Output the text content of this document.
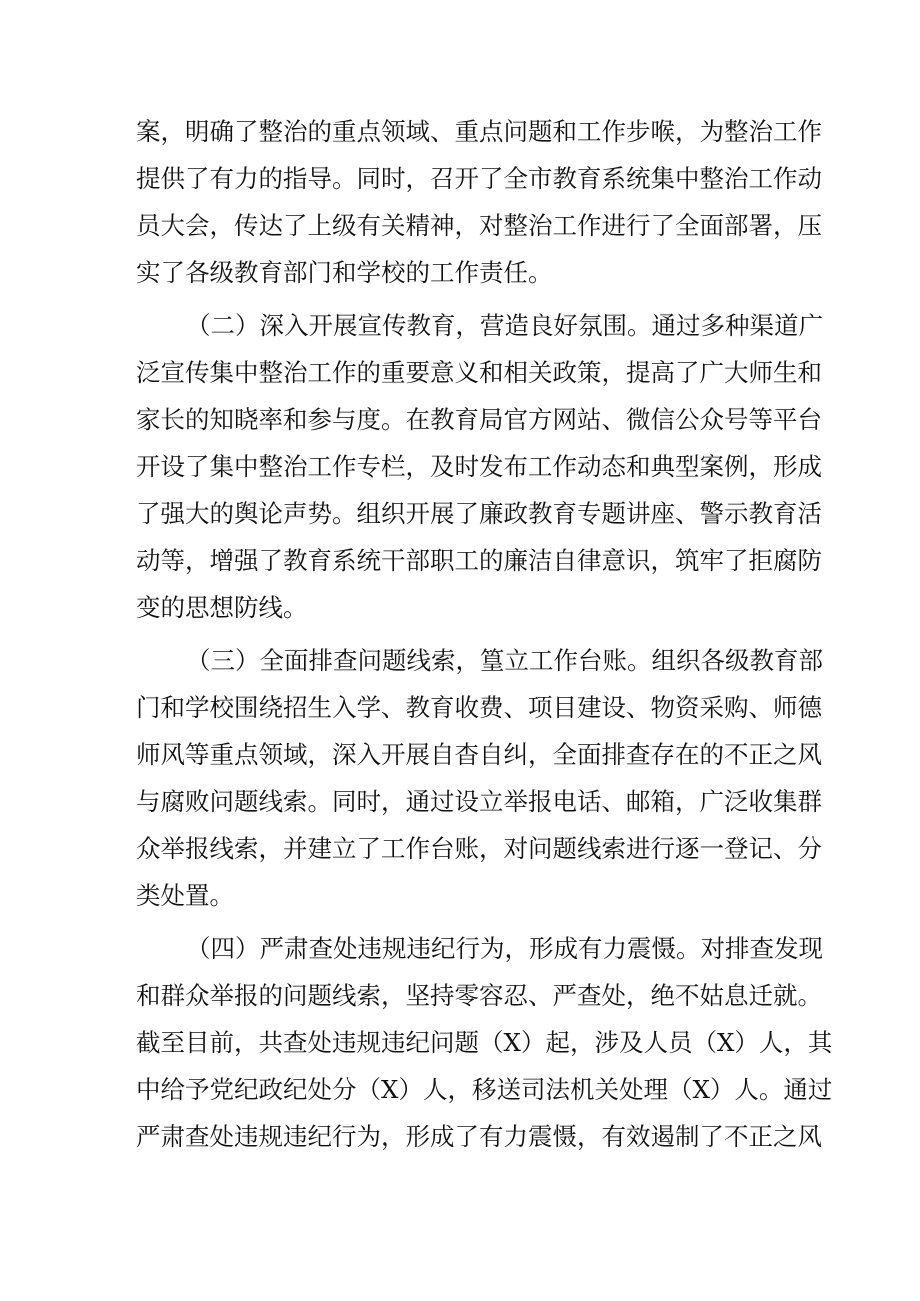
案，明确了整治的重点领域、重点问题和工作步喉，为整治工作
提供了有力的指导。同时，召开了全市教育系统集中整治工作动
员大会，传达了上级有关精神，对整治工作进行了全面部署，压
实了各级教育部门和学校的工作责任。
（二）深入开展宣传教育，营造良好氛围。通过多种渠道广
泛宣传集中整治工作的重要意义和相关政策，提高了广大师生和
家长的知晓率和参与度。在教育局官方网站、微信公众号等平台
开设了集中整治工作专栏，及时发布工作动态和典型案例，形成
了强大的舆论声势。组织开展了廉政教育专题讲座、警示教育活
动等，增强了教育系统干部职工的廉洁自律意识，筑牢了拒腐防
变的思想防线。
（三）全面排查问题线索，篁立工作台账。组织各级教育部
门和学校围绕招生入学、教育收费、项目建设、物资采购、师德
师风等重点领域，深入开展自杳自纠，全面排查存在的不正之风
与腐败问题线索。同时，通过设立举报电话、邮箱，广泛收集群
众举报线索，并建立了工作台账，对问题线索进行逐一登记、分
类处置。
（四）严肃查处违规违纪行为，形成有力震慑。对排查发现
和群众举报的问题线索，坚持零容忍、严查处，绝不姑息迁就。
截至目前，共查处违规违纪问题（X）起，涉及人员（X）人，其
中给予党纪政纪处分（X）人，移送司法机关处理（X）人。通过
严肃查处违规违纪行为，形成了有力震慑，有效遏制了不正之风
